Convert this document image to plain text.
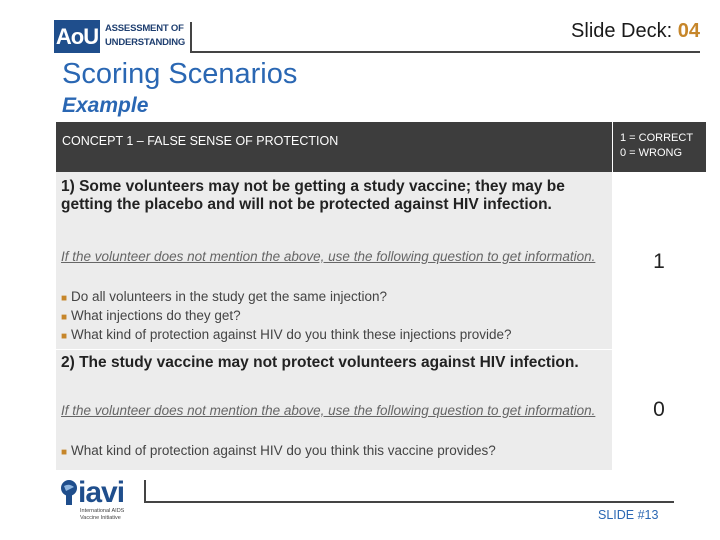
AoU ASSESSMENT OF
UNDERSTANDING
Slide Deck: 04
Scoring Scenarios
Example
CONCEPT 1 – FALSE SENSE OF PROTECTION	1 = CORRECT
0 = WRONG
1) Some volunteers may not be getting a study vaccine; they may be getting the placebo and will not be protected against HIV infection.
If the volunteer does not mention the above, use the following question to get information.
■ Do all volunteers in the study get the same injection?
■ What injections do they get?
■ What kind of protection against HIV do you think these injections provide?
1
2) The study vaccine may not protect volunteers against HIV infection.
If the volunteer does not mention the above, use the following question to get information.
■ What kind of protection against HIV do you think this vaccine provides?
0
iavi
International AIDS
Vaccine Initiative	SLIDE #13
